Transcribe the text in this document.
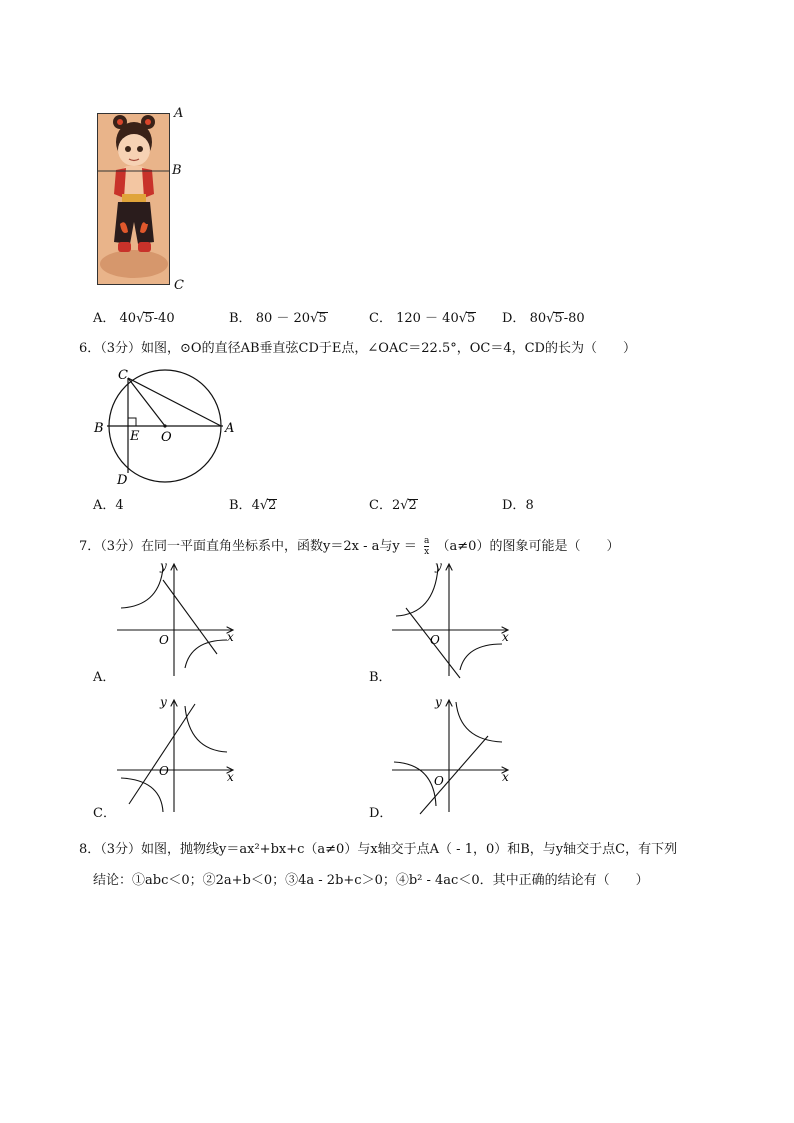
A
B
C
A． 40√5-40	B． 80 － 20√5	C． 120 － 40√5 D． 80√5-80
6．（3分）如图，⊙O的直径AB垂直弦CD于E点，∠OAC＝22.5°，OC＝4，CD的长为（　　）
C
B
E O
A
D
A．4	B．4√2	C．2√2	D．8
7．（3分）在同一平面直角坐标系中，函数y＝2x - a与$y = \frac{a}{x} (a\ne 0)$的图象可能是（　　）
y
x
O
A．
y
x
O
B．
y
x
O
C．
y
x
O
D．
8．（3分）如图，抛物线y＝ax²+bx+c（a≠0）与x轴交于点A（ - 1，0）和B，与y轴交于点C，有下列
结论：①abc＜0；②2a+b＜0；③4a - 2b+c＞0；④b² - 4ac＜0．其中正确的结论有（　　）
